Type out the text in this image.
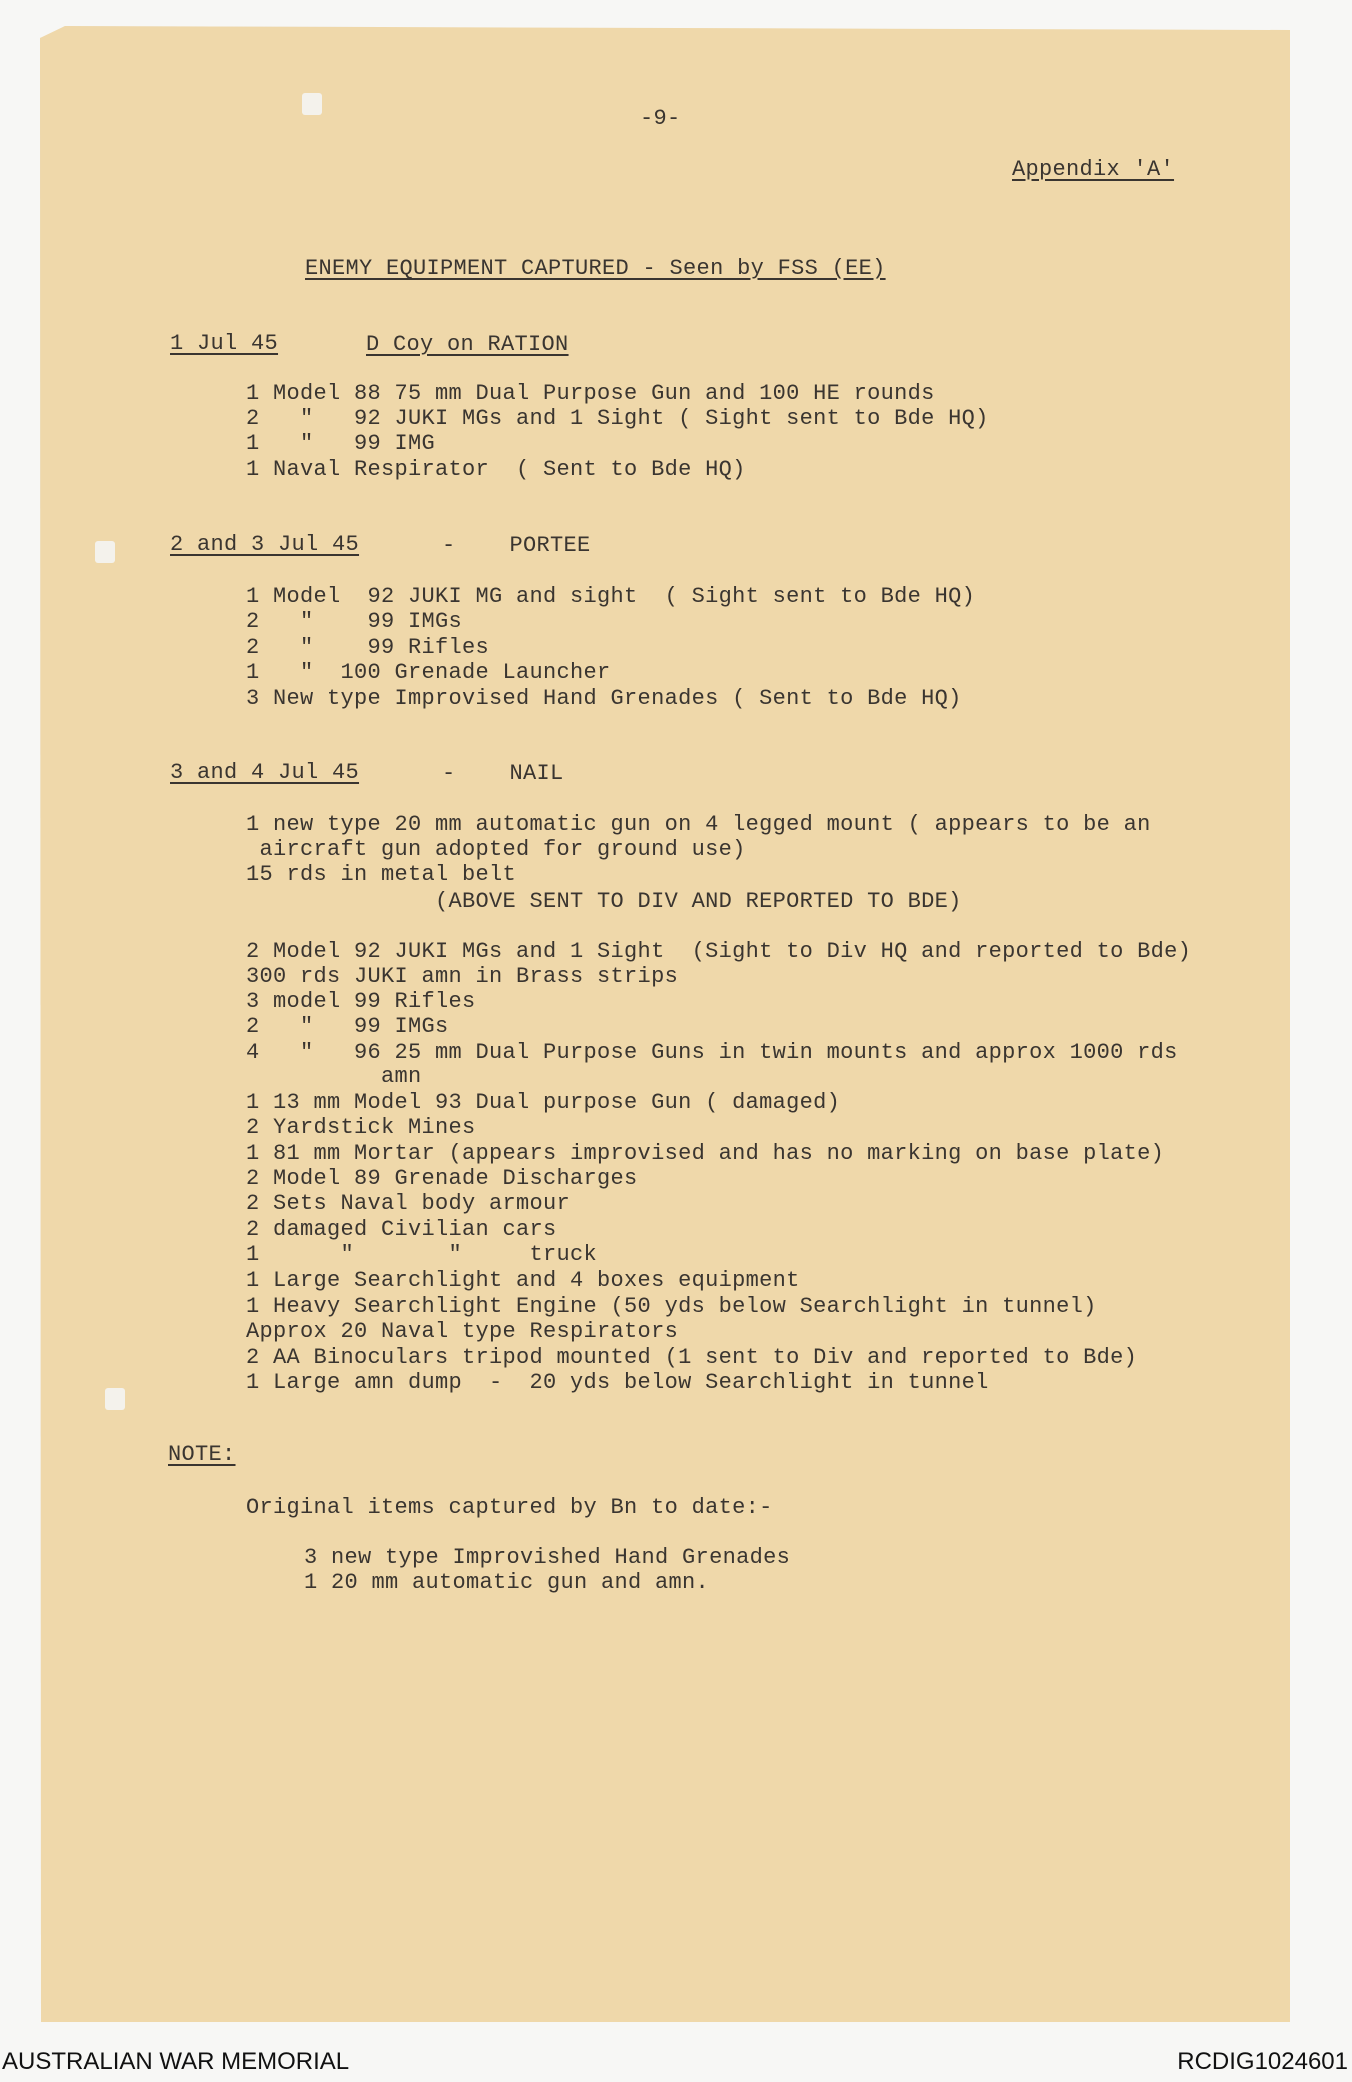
-9-
Appendix 'A'
ENEMY EQUIPMENT CAPTURED - Seen by FSS (EE)
1 Jul 45	D Coy on RATION
1 Model 88 75 mm Dual Purpose Gun and 100 HE rounds
2   "   92 JUKI MGs and 1 Sight ( Sight sent to Bde HQ)
1   "   99 IMG
1 Naval Respirator  ( Sent to Bde HQ)
2 and 3 Jul 45	-    PORTEE
1 Model  92 JUKI MG and sight  ( Sight sent to Bde HQ)
2   "    99 IMGs
2   "    99 Rifles
1   "  100 Grenade Launcher
3 New type Improvised Hand Grenades ( Sent to Bde HQ)
3 and 4 Jul 45	-    NAIL
1 new type 20 mm automatic gun on 4 legged mount ( appears to be an
aircraft gun adopted for ground use)
15 rds in metal belt
(ABOVE SENT TO DIV AND REPORTED TO BDE)
2 Model 92 JUKI MGs and 1 Sight  (Sight to Div HQ and reported to Bde)
300 rds JUKI amn in Brass strips
3 model 99 Rifles
2   "   99 IMGs
4   "   96 25 mm Dual Purpose Guns in twin mounts and approx 1000 rds
amn
1 13 mm Model 93 Dual purpose Gun ( damaged)
2 Yardstick Mines
1 81 mm Mortar (appears improvised and has no marking on base plate)
2 Model 89 Grenade Discharges
2 Sets Naval body armour
2 damaged Civilian cars
1      "       "     truck
1 Large Searchlight and 4 boxes equipment
1 Heavy Searchlight Engine (50 yds below Searchlight in tunnel)
Approx 20 Naval type Respirators
2 AA Binoculars tripod mounted (1 sent to Div and reported to Bde)
1 Large amn dump  -  20 yds below Searchlight in tunnel
NOTE:
Original items captured by Bn to date:-
3 new type Improvished Hand Grenades
1 20 mm automatic gun and amn.
AUSTRALIAN WAR MEMORIAL	RCDIG1024601
